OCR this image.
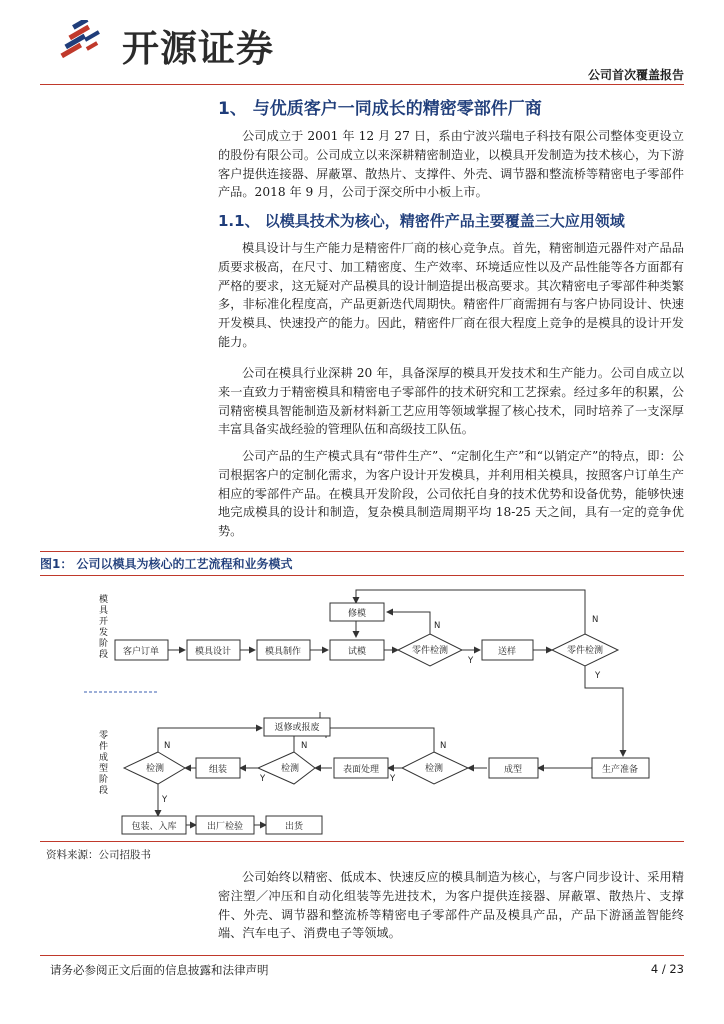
开源证券
公司首次覆盖报告
1、 与优质客户一同成长的精密零部件厂商

公司成立于 2001 年 12 月 27 日，系由宁波兴瑞电子科技有限公司整体变更设立的股份有限公司。公司成立以来深耕精密制造业，以模具开发制造为技术核心，为下游客户提供连接器、屏蔽罩、散热片、支撑件、外壳、调节器和整流桥等精密电子零部件产品。2018 年 9 月，公司于深交所中小板上市。

1.1、 以模具技术为核心，精密件产品主要覆盖三大应用领域

模具设计与生产能力是精密件厂商的核心竞争点。首先，精密制造元器件对产品品质要求极高，在尺寸、加工精密度、生产效率、环境适应性以及产品性能等各方面都有严格的要求，这无疑对产品模具的设计制造提出极高要求。其次精密电子零部件种类繁多，非标准化程度高，产品更新迭代周期快。精密件厂商需拥有与客户协同设计、快速开发模具、快速投产的能力。因此，精密件厂商在很大程度上竞争的是模具的设计开发能力。

公司在模具行业深耕 20 年，具备深厚的模具开发技术和生产能力。公司自成立以来一直致力于精密模具和精密电子零部件的技术研究和工艺探索。经过多年的积累，公司精密模具智能制造及新材料新工艺应用等领域掌握了核心技术，同时培养了一支深厚丰富具备实战经验的管理队伍和高级技工队伍。

公司产品的生产模式具有“带件生产”、“定制化生产”和“以销定产”的特点，即：公司根据客户的定制化需求，为客户设计开发模具，并利用相关模具，按照客户订单生产相应的零部件产品。在模具开发阶段，公司依托自身的技术优势和设备优势，能够快速地完成模具的设计和制造，复杂模具制造周期平均 18-25 天之间，具有一定的竞争优势。

图1： 公司以模具为核心的工艺流程和业务模式
模具开发阶段
零件成型阶段
客户订单	模具设计	模具制作	试模
修模
零件检测	送样	零件检测
生产准备
成型
检测
表面处理
检测
组装
检测
返修或报废
包装、入库	出厂检验	出货
N
Y
N
Y
N
Y
N
Y
N
Y
资料来源：公司招股书

公司始终以精密、低成本、快速反应的模具制造为核心，与客户同步设计、采用精密注塑／冲压和自动化组装等先进技术，为客户提供连接器、屏蔽罩、散热片、支撑件、外壳、调节器和整流桥等精密电子零部件产品及模具产品，产品下游涵盖智能终端、汽车电子、消费电子等领域。

请务必参阅正文后面的信息披露和法律声明	4 / 23
